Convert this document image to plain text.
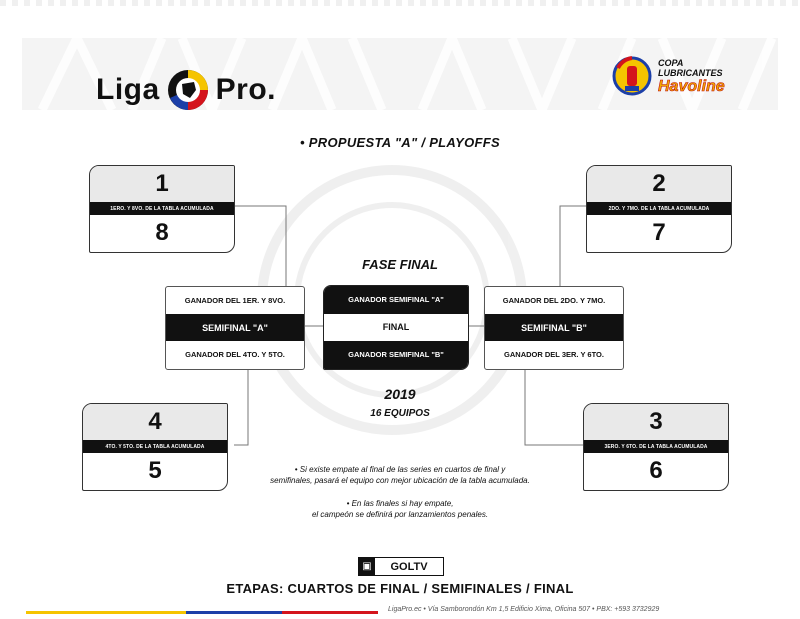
Liga Pro.
COPA
LUBRICANTES
Havoline
• PROPUESTA "A" / PLAYOFFS
1
1ERO. Y 8VO. DE LA TABLA ACUMULADA
8
2
2DO. Y 7MO. DE LA TABLA ACUMULADA
7
4
4TO. Y 5TO. DE LA TABLA ACUMULADA
5
3
3ERO. Y 6TO. DE LA TABLA ACUMULADA
6
GANADOR DEL 1ER. Y 8VO.
SEMIFINAL "A"
GANADOR DEL 4TO. Y 5TO.
GANADOR DEL 2DO. Y 7MO.
SEMIFINAL "B"
GANADOR DEL 3ER. Y 6TO.
FASE FINAL
GANADOR SEMIFINAL "A"
FINAL
GANADOR SEMIFINAL "B"
2019
16 EQUIPOS
• Si existe empate al final de las series en cuartos de final y
semifinales, pasará el equipo con mejor ubicación de la tabla acumulada.
• En las finales si hay empate,
el campeón se definirá por lanzamientos penales.
▣	GOLTV
ETAPAS: CUARTOS DE FINAL / SEMIFINALES / FINAL
LigaPro.ec • Vía Samborondón Km 1,5 Edificio Xima, Oficina 507 • PBX: +593 3732929
